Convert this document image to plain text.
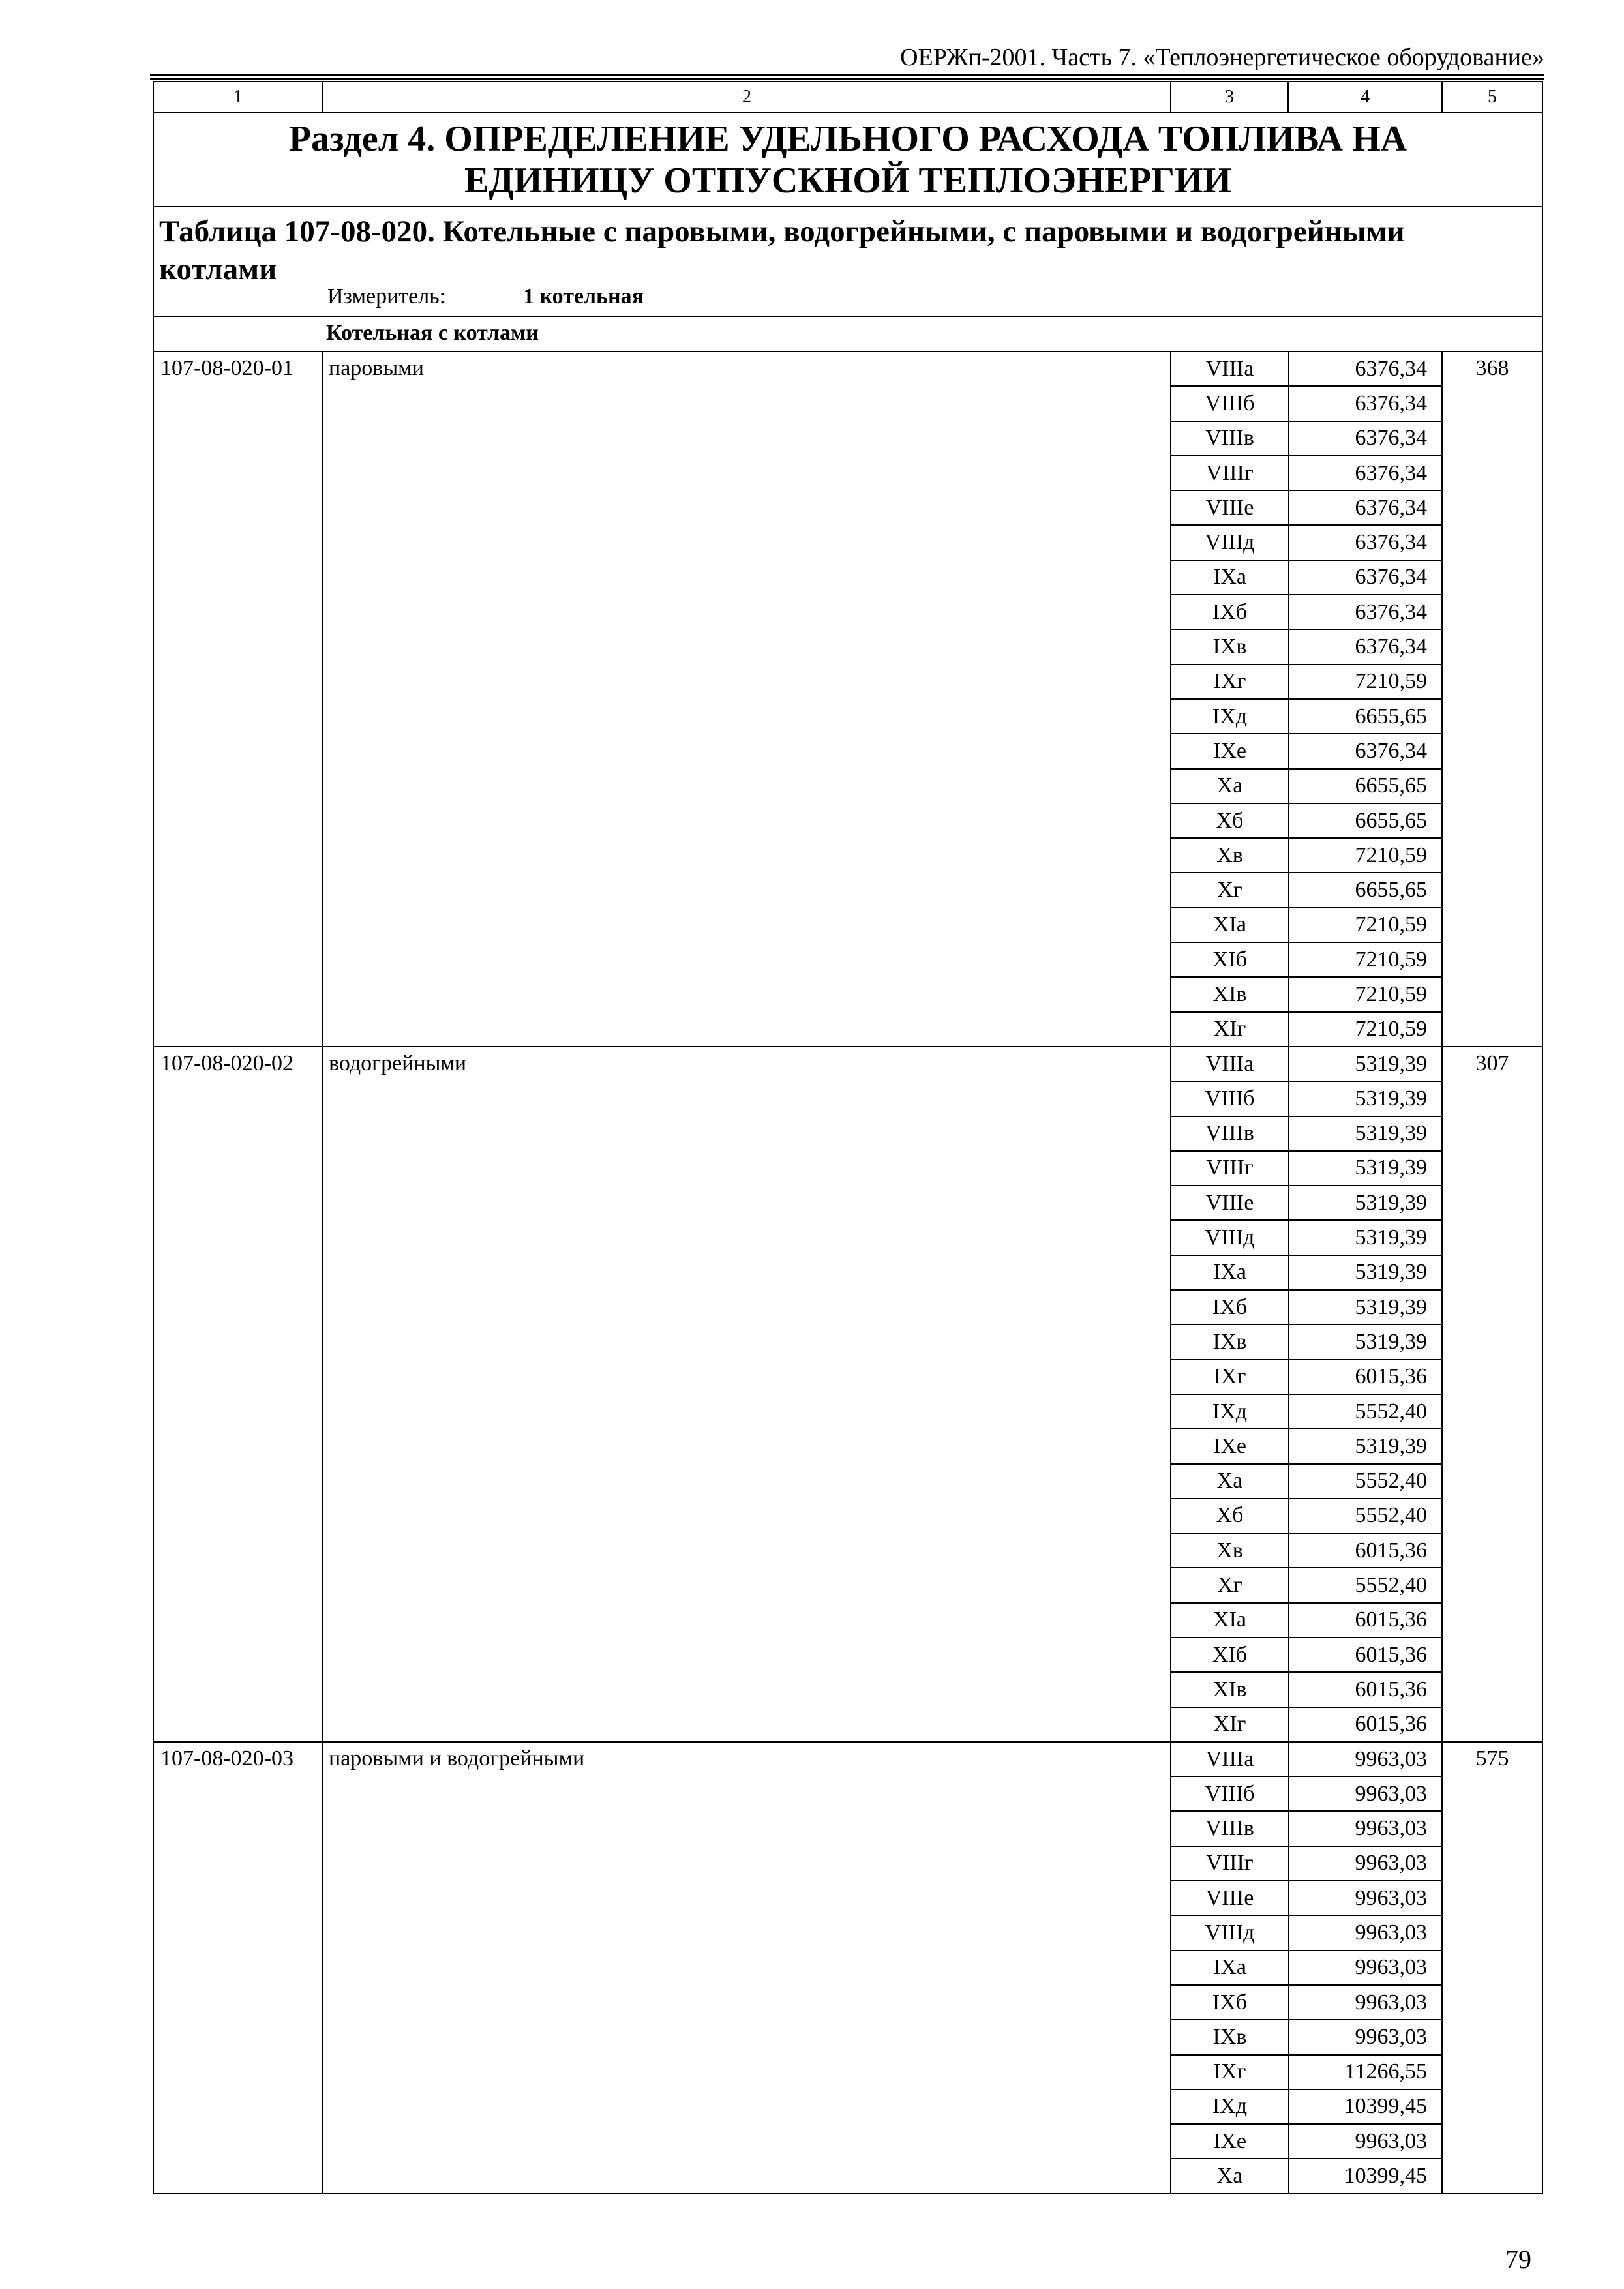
ОЕРЖп-2001. Часть 7. «Теплоэнергетическое оборудование»
1	2	3	4	5

Раздел 4. ОПРЕДЕЛЕНИЕ УДЕЛЬНОГО РАСХОДА ТОПЛИВА НА
ЕДИНИЦУ ОТПУСКНОЙ ТЕПЛОЭНЕРГИИ

Таблица 107-08-020. Котельные с паровыми, водогрейными, с паровыми и водогрейными котлами
Измеритель:	1 котельная

Котельная с котлами
107-08-020-01	паровыми		VIIIа	6376,34
VIIIб	6376,34
VIIIв	6376,34
VIIIг	6376,34
VIIIе	6376,34
VIIIд	6376,34
IXа	6376,34
IXб	6376,34
IXв	6376,34
IXг	7210,59
IXд	6655,65
IXе	6376,34
Xа	6655,65
Xб	6655,65
Xв	7210,59
Xг	6655,65
XIа	7210,59
XIб	7210,59
XIв	7210,59
XIг	7210,59
	368
107-08-020-02	водогрейными		VIIIа	5319,39
VIIIб	5319,39
VIIIв	5319,39
VIIIг	5319,39
VIIIе	5319,39
VIIIд	5319,39
IXа	5319,39
IXб	5319,39
IXв	5319,39
IXг	6015,36
IXд	5552,40
IXе	5319,39
Xа	5552,40
Xб	5552,40
Xв	6015,36
Xг	5552,40
XIа	6015,36
XIб	6015,36
XIв	6015,36
XIг	6015,36
	307
107-08-020-03	паровыми и водогрейными		VIIIа	9963,03
VIIIб	9963,03
VIIIв	9963,03
VIIIг	9963,03
VIIIе	9963,03
VIIIд	9963,03
IXа	9963,03
IXб	9963,03
IXв	9963,03
IXг	11266,55
IXд	10399,45
IXе	9963,03
Xа	10399,45
	575
79
